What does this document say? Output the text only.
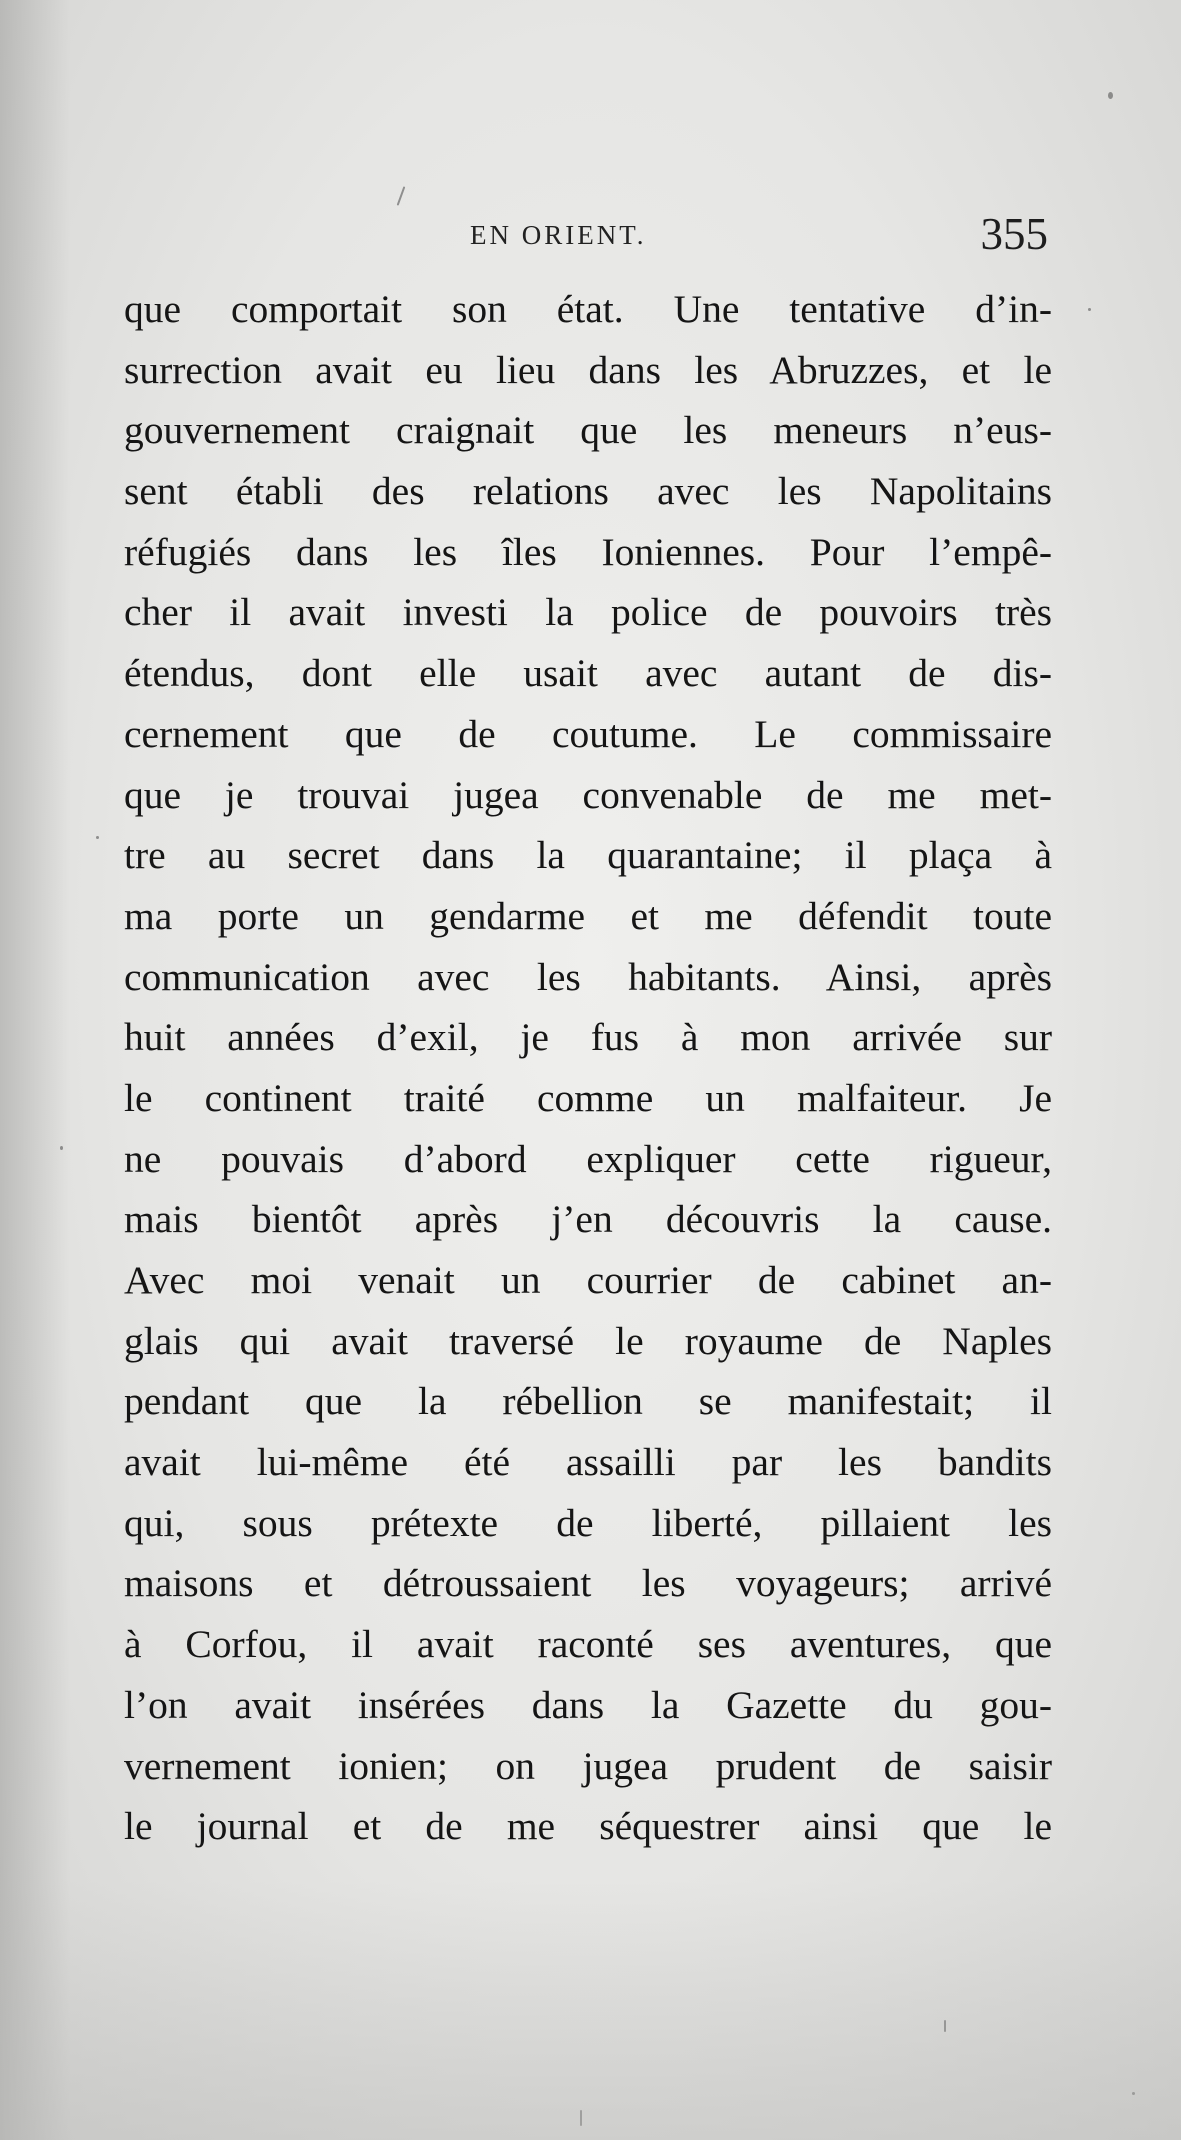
EN ORIENT.	355
que comportait son état. Une tentative d’in-
surrection avait eu lieu dans les Abruzzes, et le
gouvernement craignait que les meneurs n’eus-
sent établi des relations avec les Napolitains
réfugiés dans les îles Ioniennes. Pour l’empê-
cher il avait investi la police de pouvoirs très
étendus, dont elle usait avec autant de dis-
cernement que de coutume. Le commissaire
que je trouvai jugea convenable de me met-
tre au secret dans la quarantaine; il plaça à
ma porte un gendarme et me défendit toute
communication avec les habitants. Ainsi, après
huit années d’exil, je fus à mon arrivée sur
le continent traité comme un malfaiteur. Je
ne pouvais d’abord expliquer cette rigueur,
mais bientôt après j’en découvris la cause.
Avec moi venait un courrier de cabinet an-
glais qui avait traversé le royaume de Naples
pendant que la rébellion se manifestait; il
avait lui-même été assailli par les bandits
qui, sous prétexte de liberté, pillaient les
maisons et détroussaient les voyageurs; arrivé
à Corfou, il avait raconté ses aventures, que
l’on avait insérées dans la Gazette du gou-
vernement ionien; on jugea prudent de saisir
le journal et de me séquestrer ainsi que le
